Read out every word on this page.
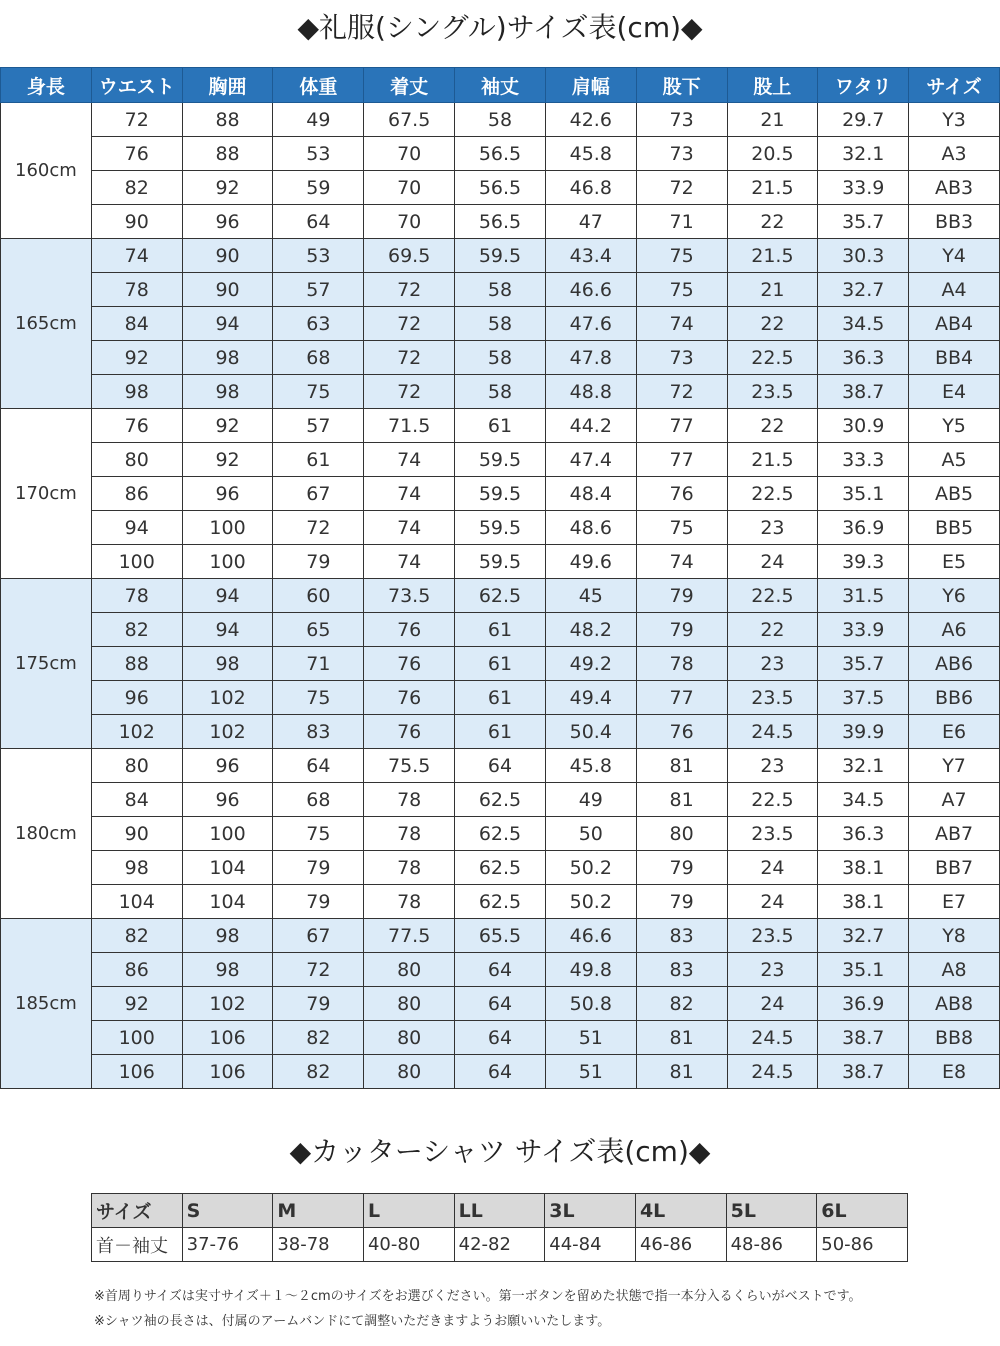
◆礼服(シングル)サイズ表(cm)◆
身長	ウエスト	胸囲	体重	着丈	袖丈	肩幅	股下	股上	ワタリ	サイズ
160cm	72	88	49	67.5	58	42.6	73	21	29.7	Y3
	76	88	53	70	56.5	45.8	73	20.5	32.1	A3
	82	92	59	70	56.5	46.8	72	21.5	33.9	AB3
	90	96	64	70	56.5	47	71	22	35.7	BB3
165cm	74	90	53	69.5	59.5	43.4	75	21.5	30.3	Y4
	78	90	57	72	58	46.6	75	21	32.7	A4
	84	94	63	72	58	47.6	74	22	34.5	AB4
	92	98	68	72	58	47.8	73	22.5	36.3	BB4
	98	98	75	72	58	48.8	72	23.5	38.7	E4
170cm	76	92	57	71.5	61	44.2	77	22	30.9	Y5
	80	92	61	74	59.5	47.4	77	21.5	33.3	A5
	86	96	67	74	59.5	48.4	76	22.5	35.1	AB5
	94	100	72	74	59.5	48.6	75	23	36.9	BB5
	100	100	79	74	59.5	49.6	74	24	39.3	E5
175cm	78	94	60	73.5	62.5	45	79	22.5	31.5	Y6
	82	94	65	76	61	48.2	79	22	33.9	A6
	88	98	71	76	61	49.2	78	23	35.7	AB6
	96	102	75	76	61	49.4	77	23.5	37.5	BB6
	102	102	83	76	61	50.4	76	24.5	39.9	E6
180cm	80	96	64	75.5	64	45.8	81	23	32.1	Y7
	84	96	68	78	62.5	49	81	22.5	34.5	A7
	90	100	75	78	62.5	50	80	23.5	36.3	AB7
	98	104	79	78	62.5	50.2	79	24	38.1	BB7
	104	104	79	78	62.5	50.2	79	24	38.1	E7
185cm	82	98	67	77.5	65.5	46.6	83	23.5	32.7	Y8
	86	98	72	80	64	49.8	83	23	35.1	A8
	92	102	79	80	64	50.8	82	24	36.9	AB8
	100	106	82	80	64	51	81	24.5	38.7	BB8
	106	106	82	80	64	51	81	24.5	38.7	E8
◆カッターシャツ サイズ表(cm)◆
サイズ	S	M	L	LL	3L	4L	5L	6L
首－袖丈	37-76	38-78	40-80	42-82	44-84	46-86	48-86	50-86
※首周りサイズは実寸サイズ＋１～２cmのサイズをお選びください。第一ボタンを留めた状態で指一本分入るくらいがベストです。
※シャツ袖の長さは、付属のアームバンドにて調整いただきますようお願いいたします。
